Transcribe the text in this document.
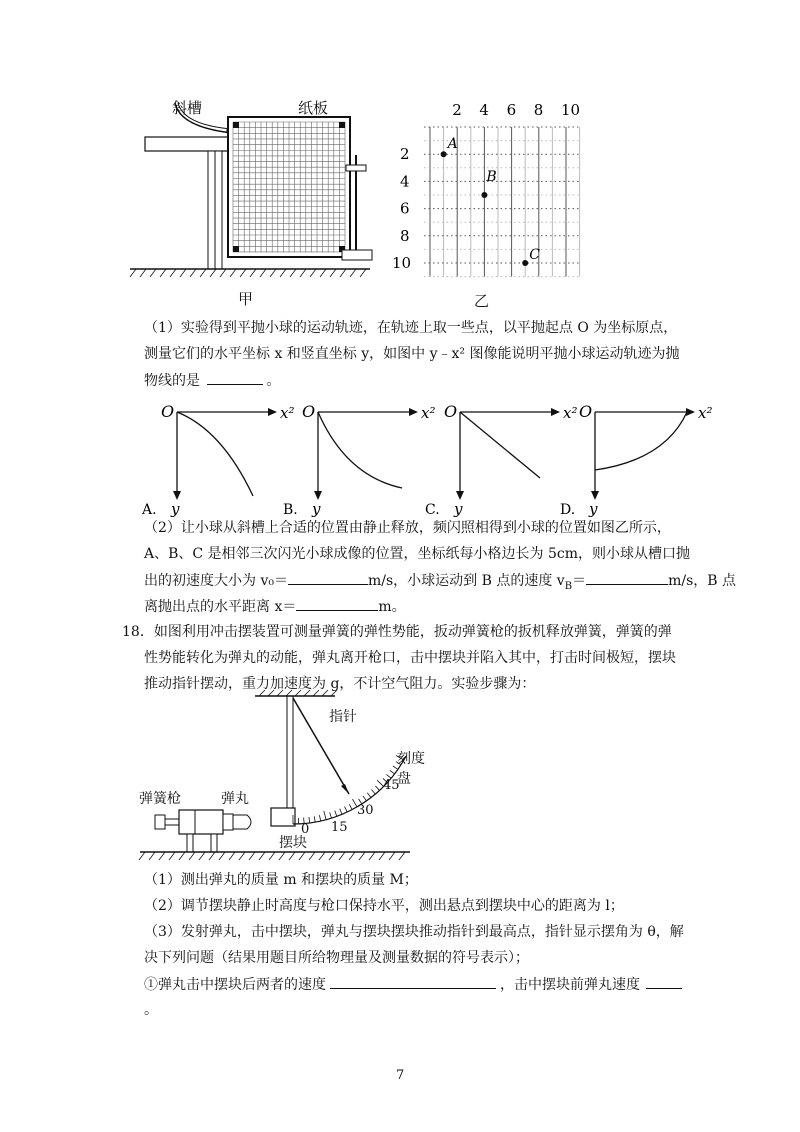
斜槽	纸板
甲
2 4 6 8 10
2
4
6
8
10
A
B
C
乙
（1）实验得到平抛小球的运动轨迹，在轨迹上取一些点，以平抛起点 O 为坐标原点，
测量它们的水平坐标 x 和竖直坐标 y，如图中 y﹣x² 图像能说明平抛小球运动轨迹为抛
物线的是	。
O	x²
y
A.
O	x²
y
B.
O	x²
y
C.
O	x²
y
D.
（2）让小球从斜槽上合适的位置由静止释放，频闪照相得到小球的位置如图乙所示，
A、B、C 是相邻三次闪光小球成像的位置，坐标纸每小格边长为 5cm，则小球从槽口抛
出的初速度大小为 v₀＝	m/s，小球运动到 B 点的速度 $v_B=$	m/s，B 点
离抛出点的水平距离 x＝	m。
18．如图利用冲击摆装置可测量弹簧的弹性势能，扳动弹簧枪的扳机释放弹簧，弹簧的弹
性势能转化为弹丸的动能，弹丸离开枪口，击中摆块并陷入其中，打击时间极短，摆块
推动指针摆动，重力加速度为 g，不计空气阻力。实验步骤为：
指针
刻度盘
弹簧枪	弹丸
摆块
0 15
30
45
（1）测出弹丸的质量 m 和摆块的质量 M；
（2）调节摆块静止时高度与枪口保持水平，测出悬点到摆块中心的距离为 l；
（3）发射弹丸，击中摆块，弹丸与摆块摆块推动指针到最高点，指针显示摆角为 θ，解
决下列问题（结果用题目所给物理量及测量数据的符号表示）；
①弹丸击中摆块后两者的速度	，击中摆块前弹丸速度
。
7
